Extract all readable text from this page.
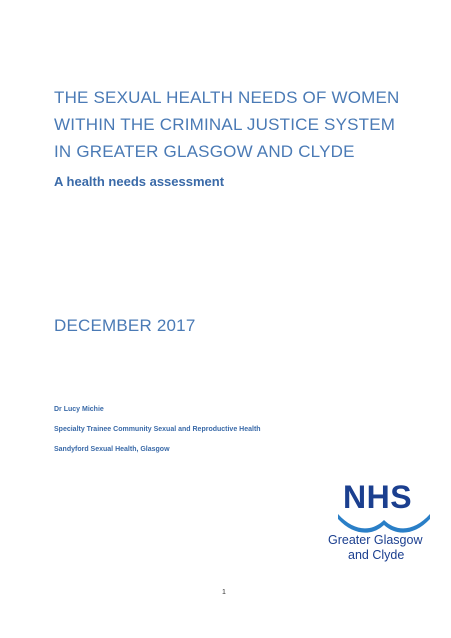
THE SEXUAL HEALTH NEEDS OF WOMEN
WITHIN THE CRIMINAL JUSTICE SYSTEM
IN GREATER GLASGOW AND CLYDE
A health needs assessment
DECEMBER 2017
Dr Lucy Michie
Specialty Trainee Community Sexual and Reproductive Health
Sandyford Sexual Health, Glasgow
NHS
Greater Glasgow
and Clyde
1
